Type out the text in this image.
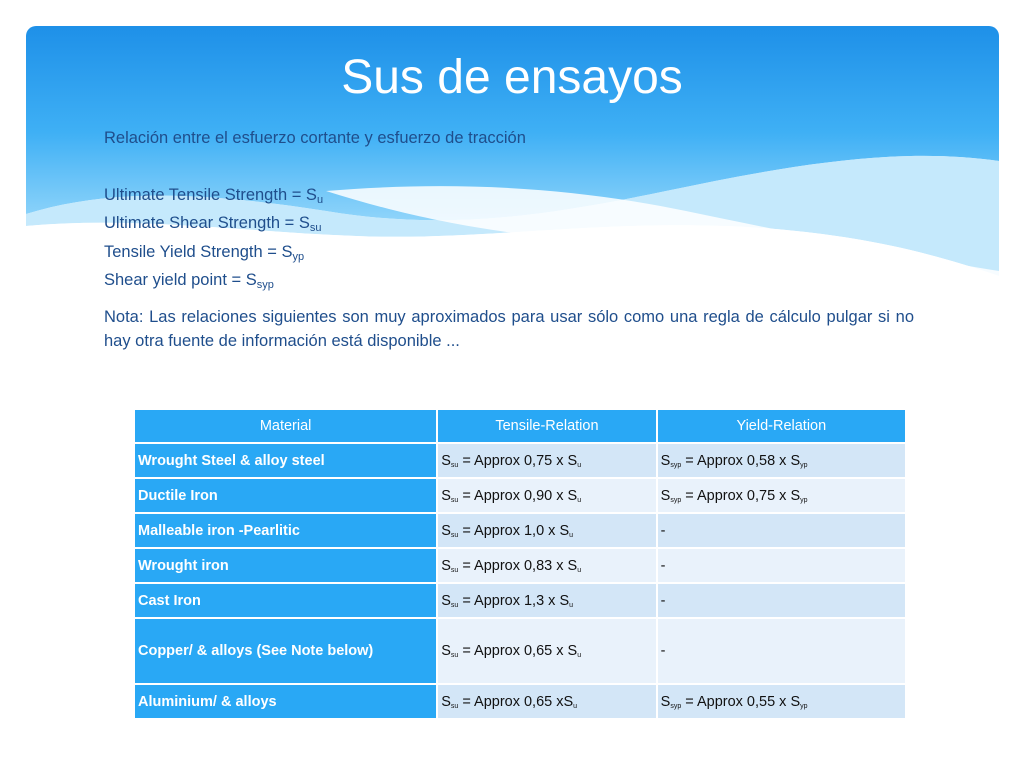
Sus de ensayos
Relación entre el esfuerzo cortante y esfuerzo de tracción
Ultimate Tensile Strength = $S_u$
Ultimate Shear Strength = $S_{su}$
Tensile Yield Strength = $S_{yp}$
Shear yield point = $S_{syp}$
Nota: Las relaciones siguientes son muy aproximados para usar sólo como una regla de cálculo pulgar si no hay otra fuente de información está disponible ...
Material	Tensile-Relation	Yield-Relation
Wrought Steel & alloy steel	$S_{su}$ = Approx 0,75 x $S_u$	$S_{syp}$ = Approx 0,58 x $S_{yp}$
Ductile Iron	$S_{su}$ = Approx 0,90 x $S_u$	$S_{syp}$ = Approx 0,75 x $S_{yp}$
Malleable iron -Pearlitic	$S_{su}$ = Approx 1,0 x $S_u$	-
Wrought iron	$S_{su}$ = Approx 0,83 x $S_u$	-
Cast Iron	$S_{su}$ = Approx 1,3 x $S_u$	-
Copper/ & alloys (See Note below)	$S_{su}$ = Approx 0,65 x $S_u$	-
Aluminium/ & alloys	$S_{su}$ = Approx 0,65 $xS_u$	$S_{syp}$ = Approx 0,55 x $S_{yp}$
